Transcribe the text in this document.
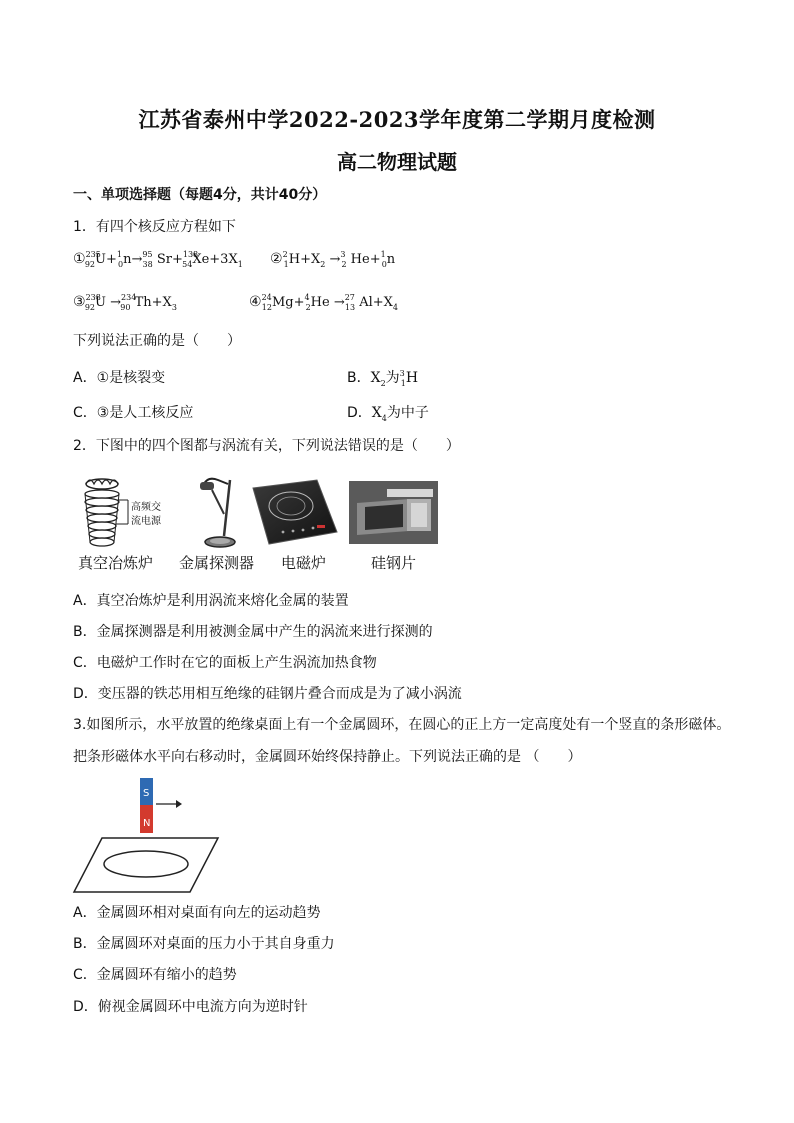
江苏省泰州中学2022-2023学年度第二学期月度检测
高二物理试题
一、单项选择题（每题4分，共计40分）
1．有四个核反应方程如下
①$^{235}_{92}$U+$^1_0$n→$^{95}_{38}$ $Sr+^{138}_{54}Xe+3X_1$ $②^2_1H+X_2 \to^3_2$ He+$^1_0$n
③$^{238}_{92}$U →$^{234}_{90}$ $Th+X_3$	④$^{24}_{12}$Mg+$^4_2$He →$^{27}_{13}$ $Al+X_4$
下列说法正确的是（　　）
A．①是核裂变	B．$X_2$为$^3_1$H
C．③是人工核反应	D．$X_4$为中子
2．下图中的四个图都与涡流有关，下列说法错误的是（　　）
高频交
流电源
真空冶炼炉 金属探测器 电磁炉	硅钢片
A．真空冶炼炉是利用涡流来熔化金属的装置
B．金属探测器是利用被测金属中产生的涡流来进行探测的
C．电磁炉工作时在它的面板上产生涡流加热食物
D．变压器的铁芯用相互绝缘的硅钢片叠合而成是为了减小涡流
3.如图所示，水平放置的绝缘桌面上有一个金属圆环，在圆心的正上方一定高度处有一个竖直的条形磁体。
把条形磁体水平向右移动时，金属圆环始终保持静止。下列说法正确的是 （　　）
S
N
A．金属圆环相对桌面有向左的运动趋势
B．金属圆环对桌面的压力小于其自身重力
C．金属圆环有缩小的趋势
D．俯视金属圆环中电流方向为逆时针
